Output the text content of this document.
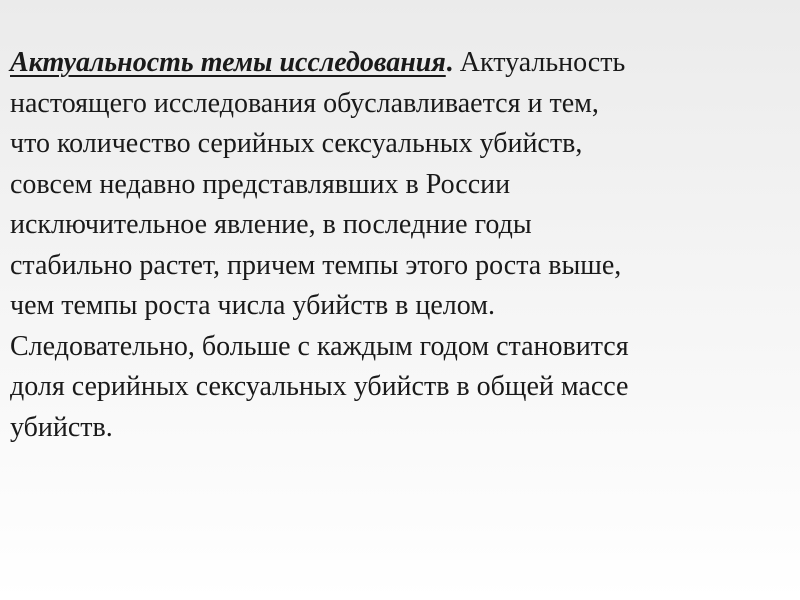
Актуальность темы исследования. Актуальность
настоящего исследования обуславливается и тем,
что количество серийных сексуальных убийств,
совсем недавно представлявших в России
исключительное явление, в последние годы
стабильно растет, причем темпы этого роста выше,
чем темпы роста числа убийств в целом.
Следовательно, больше с каждым годом становится
доля серийных сексуальных убийств в общей массе
убийств.
